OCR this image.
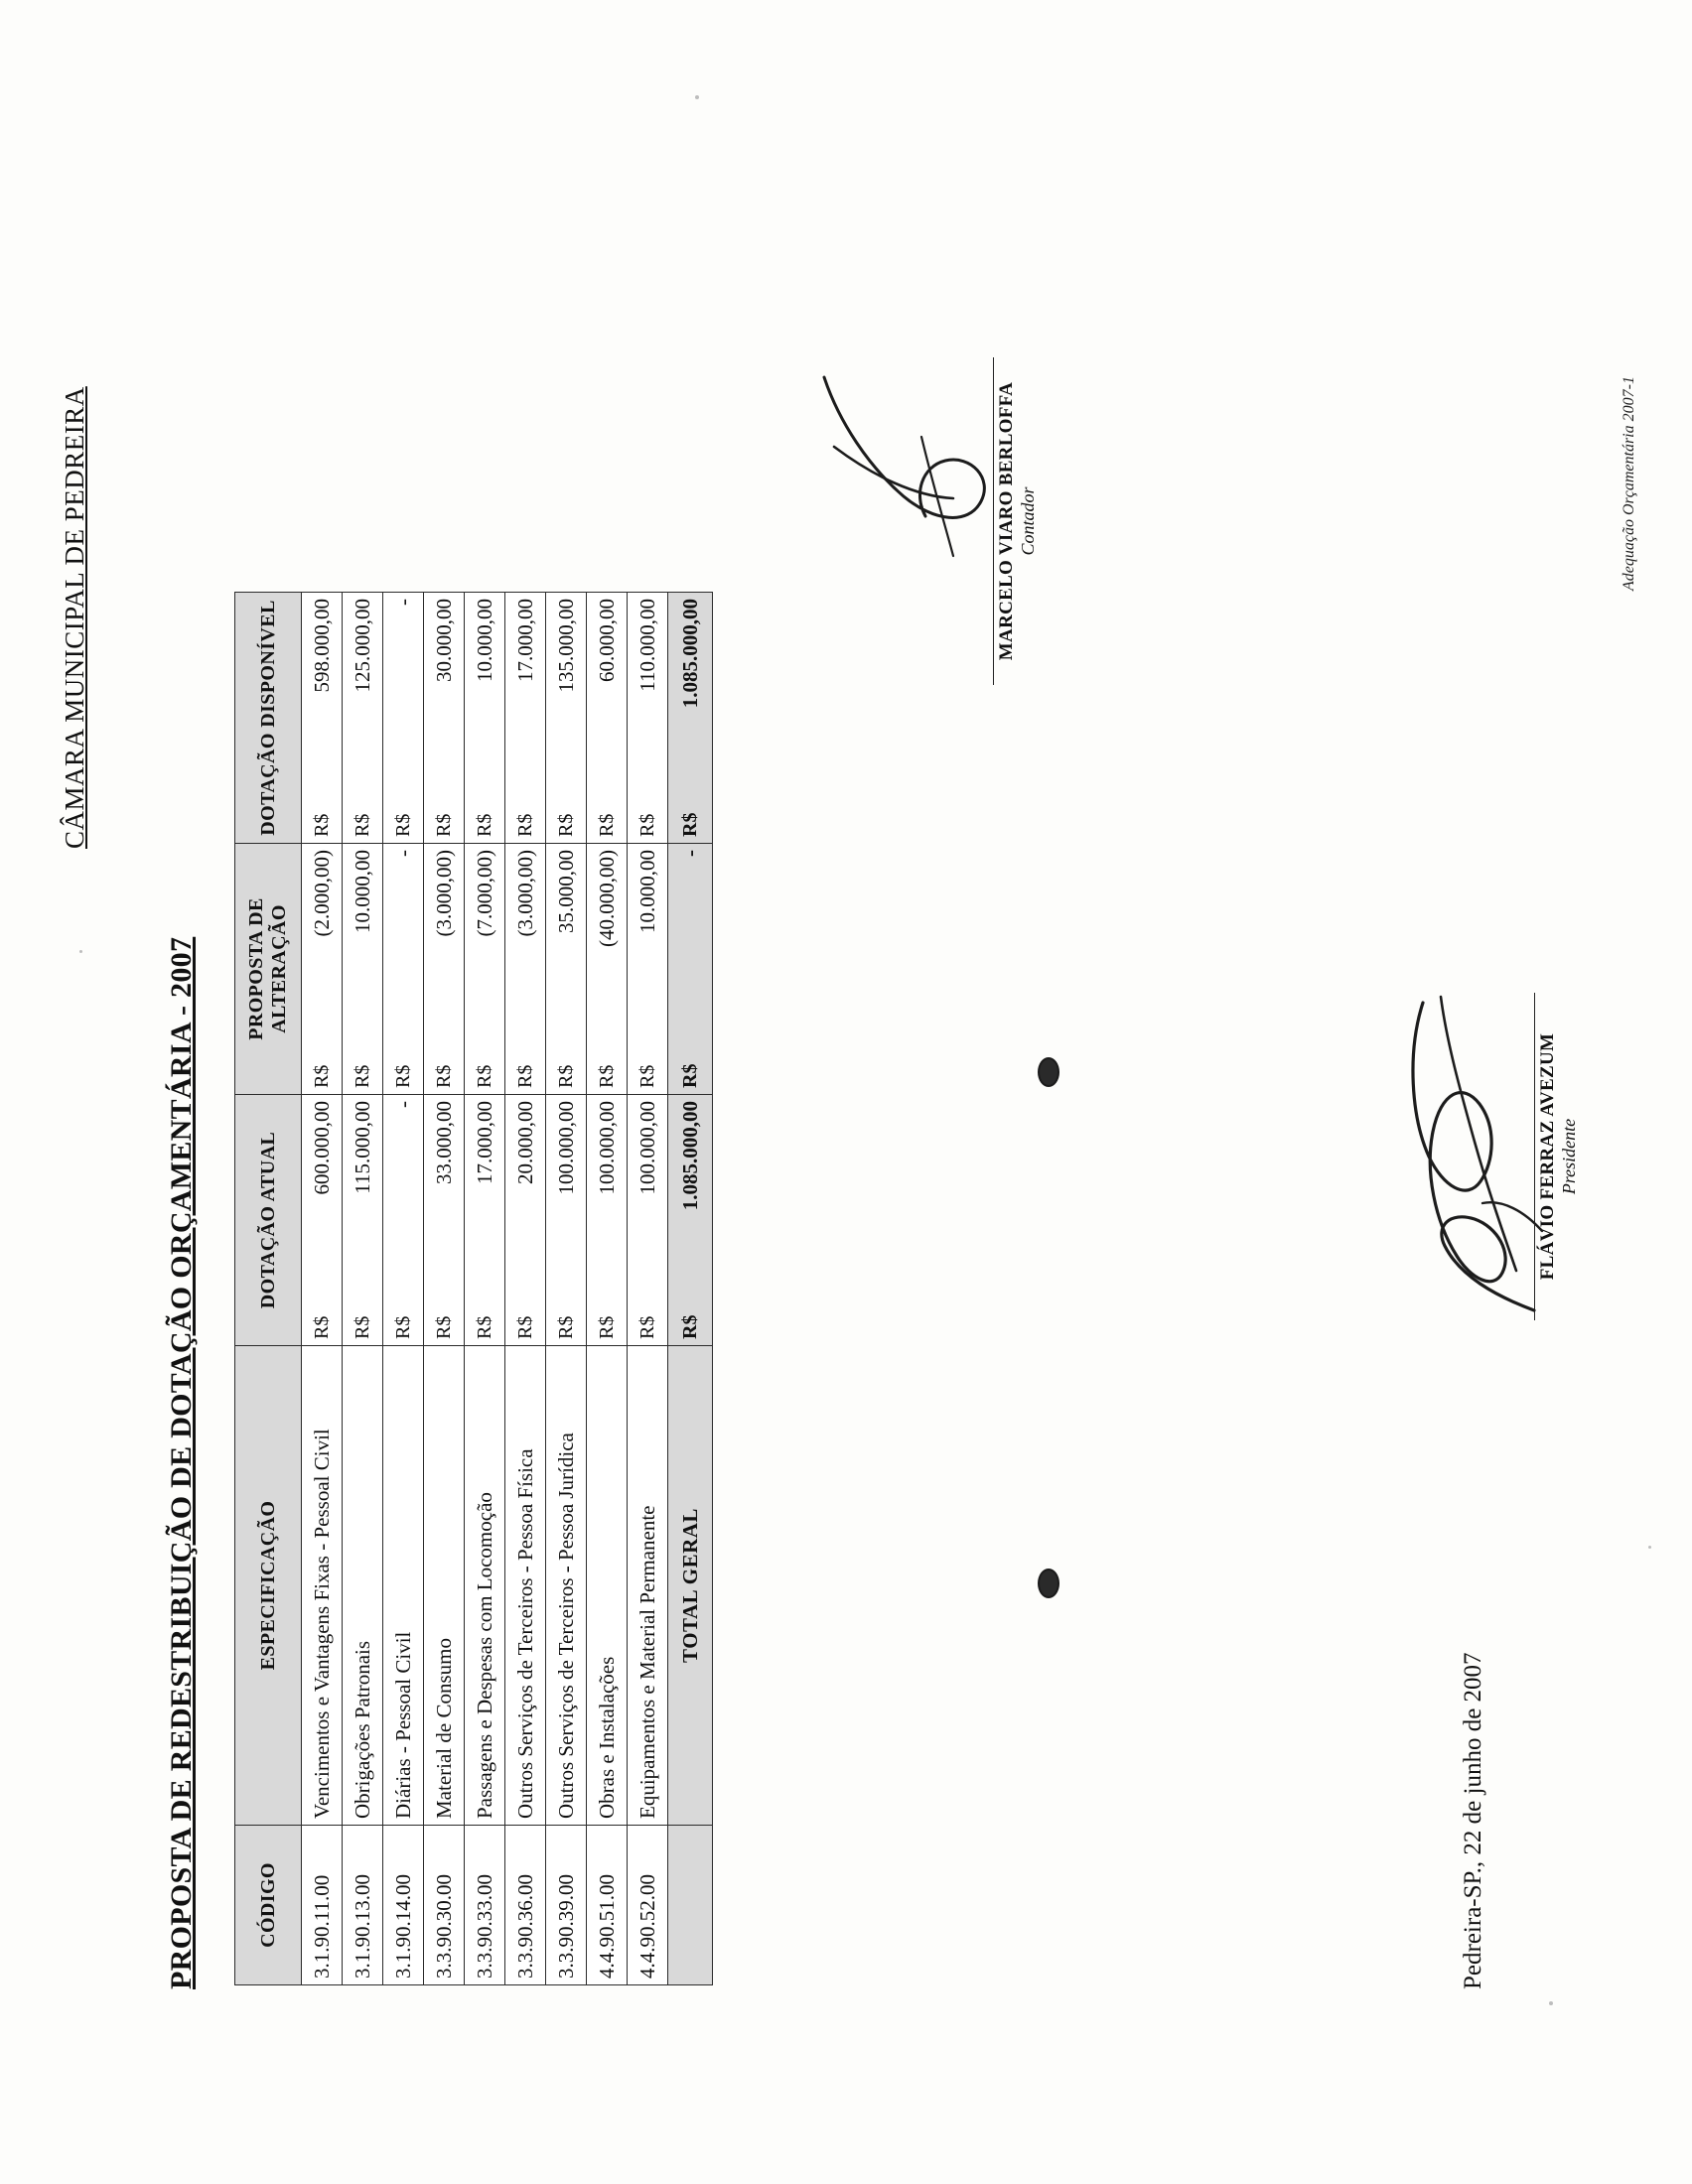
CÂMARA MUNICIPAL DE PEDREIRA
PROPOSTA DE REDESTRIBUIÇÃO DE DOTAÇÃO ORÇAMENTÁRIA - 2007	CÓDIGO	ESPECIFICAÇÃO	DOTAÇÃO ATUAL		PROPOSTA DE ALTERAÇÃO		DOTAÇÃO DISPONÍVEL	
3.1.90.11.00	Vencimentos e Vantagens Fixas - Pessoal Civil	R$	600.000,00	R$	(2.000,00)	R$	598.000,00
3.1.90.13.00	Obrigações Patronais	R$	115.000,00	R$	10.000,00	R$	125.000,00
3.1.90.14.00	Diárias - Pessoal Civil	R$	-	R$	-	R$	-
3.3.90.30.00	Material de Consumo	R$	33.000,00	R$	(3.000,00)	R$	30.000,00
3.3.90.33.00	Passagens e Despesas com Locomoção	R$	17.000,00	R$	(7.000,00)	R$	10.000,00
3.3.90.36.00	Outros Serviços de Terceiros - Pessoa Física	R$	20.000,00	R$	(3.000,00)	R$	17.000,00
3.3.90.39.00	Outros Serviços de Terceiros - Pessoa Jurídica	R$	100.000,00	R$	35.000,00	R$	135.000,00
4.4.90.51.00	Obras e Instalações	R$	100.000,00	R$	(40.000,00)	R$	60.000,00
4.4.90.52.00	Equipamentos e Material Permanente	R$	100.000,00	R$	10.000,00	R$	110.000,00
	TOTAL GERAL	R$	1.085.000,00	R$	-	R$	1.085.000,00
Pedreira-SP., 22 de junho de 2007
FLÁVIO FERRAZ AVEZUM Presidente
MARCELO VIARO BERLOFFA Contador	Adequação Orçamentária 2007-1
